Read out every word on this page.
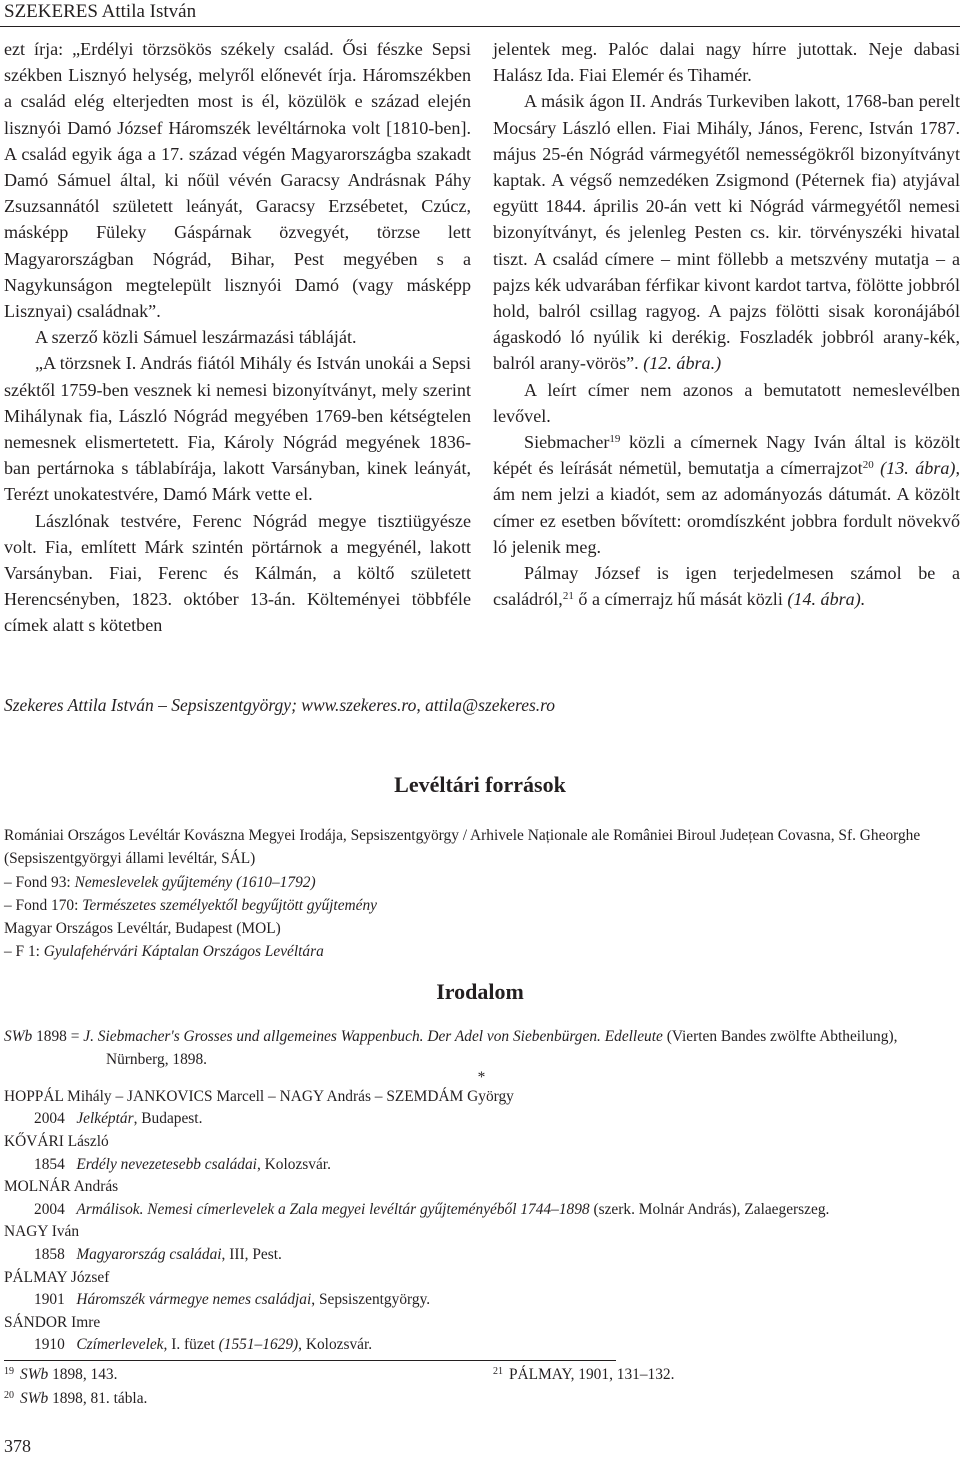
SZEKERES Attila István

ezt írja: „Erdélyi törzsökös székely család. Ősi fészke Sepsi székben Lisznyó helység, melyről előnevét írja. Háromszékben a család elég elterjedten most is él, közülök e század elején lisznyói Damó József Háromszék levéltárnoka volt [1810-ben]. A család egyik ága a 17. század végén Magyarországba szakadt Damó Sámuel által, ki nőül vévén Garacsy Andrásnak Páhy Zsuzsannától született leányát, Garacsy Erzsébetet, Czúcz, másképp Füleky Gáspárnak özvegyét, törzse lett Magyarországban Nógrád, Bihar, Pest megyében s a Nagykunságon megtelepült lisznyói Damó (vagy másképp Lisznyai) családnak”.

A szerző közli Sámuel leszármazási tábláját.

„A törzsnek I. András fiától Mihály és István unokái a Sepsi széktől 1759-ben vesznek ki nemesi bizonyítványt, mely szerint Mihálynak fia, László Nógrád megyében 1769-ben kétségtelen nemesnek elismertetett. Fia, Károly Nógrád megyének 1836-ban pertárnoka s táblabírája, lakott Varsányban, kinek leányát, Terézt unokatestvére, Damó Márk vette el.

Lászlónak testvére, Ferenc Nógrád megye tisztiügyésze volt. Fia, említett Márk szintén pörtárnok a megyénél, lakott Varsányban. Fiai, Ferenc és Kálmán, a költő született Herencsényben, 1823. október 13-án. Költeményei többféle címek alatt s kötetben

jelentek meg. Palóc dalai nagy hírre jutottak. Neje dabasi Halász Ida. Fiai Elemér és Tihamér.

A másik ágon II. András Turkeviben lakott, 1768-ban perelt Mocsáry László ellen. Fiai Mihály, János, Ferenc, István 1787. május 25-én Nógrád vármegyétől nemességökről bizonyítványt kaptak. A végső nemzedéken Zsigmond (Péternek fia) atyjával együtt 1844. április 20-án vett ki Nógrád vármegyétől nemesi bizonyítványt, és jelenleg Pesten cs. kir. törvényszéki hivatal tiszt. A család címere – mint föllebb a metszvény mutatja – a pajzs kék udvarában férfikar kivont kardot tartva, fölötte jobbról hold, balról csillag ragyog. A pajzs fölötti sisak koronájából ágaskodó ló nyúlik ki derékig. Foszladék jobbról arany-kék, balról arany-vörös”. (12. ábra.)

A leírt címer nem azonos a bemutatott nemeslevélben levővel.

Siebmacher$^{19}$ közli a címernek Nagy Iván által is közölt képét és leírását németül, bemutatja a címerrajzot$^{20}$ (13. ábra), ám nem jelzi a kiadót, sem az adományozás dátumát. A közölt címer ez esetben bővített: oromdíszként jobbra fordult növekvő ló jelenik meg.

Pálmay József is igen terjedelmesen számol be a családról,$^{21}$ ő a címerrajz hű mását közli (14. ábra).

Szekeres Attila István – Sepsiszentgyörgy; www.szekeres.ro, attila@szekeres.ro
Levéltári források
Romániai Országos Levéltár Kovászna Megyei Irodája, Sepsiszentgyörgy / Arhivele Naționale ale României Biroul Județean Covasna, Sf. Gheorghe (Sepsiszentgyörgyi állami levéltár, SÁL)
– Fond 93: Nemeslevelek gyűjtemény (1610–1792)
– Fond 170: Természetes személyektől begyűjtött gyűjtemény
Magyar Országos Levéltár, Budapest (MOL)
– F 1: Gyulafehérvári Káptalan Országos Levéltára
Irodalom
SWb 1898 = J. Siebmacher's Grosses und allgemeines Wappenbuch. Der Adel von Siebenbürgen. Edelleute (Vierten Bandes zwölfte Abtheilung), Nürnberg, 1898.
*
HOPPÁL Mihály – JANKOVICS Marcell – NAGY András – SZEMDÁM György
2004 Jelképtár, Budapest.
KŐVÁRI László
1854 Erdély nevezetesebb családai, Kolozsvár.
MOLNÁR András
2004 Armálisok. Nemesi címerlevelek a Zala megyei levéltár gyűjteményéből 1744–1898 (szerk. Molnár András), Zalaegerszeg.
NAGY Iván
1858 Magyarország családai, III, Pest.
PÁLMAY József
1901 Háromszék vármegye nemes családjai, Sepsiszentgyörgy.
SÁNDOR Imre
1910 Czímerlevelek, I. füzet (1551–1629), Kolozsvár.
$^{19}$ SWb 1898, 143.
$^{20}$ SWb 1898, 81. tábla.
$^{21}$ PÁLMAY, 1901, 131–132.
378
